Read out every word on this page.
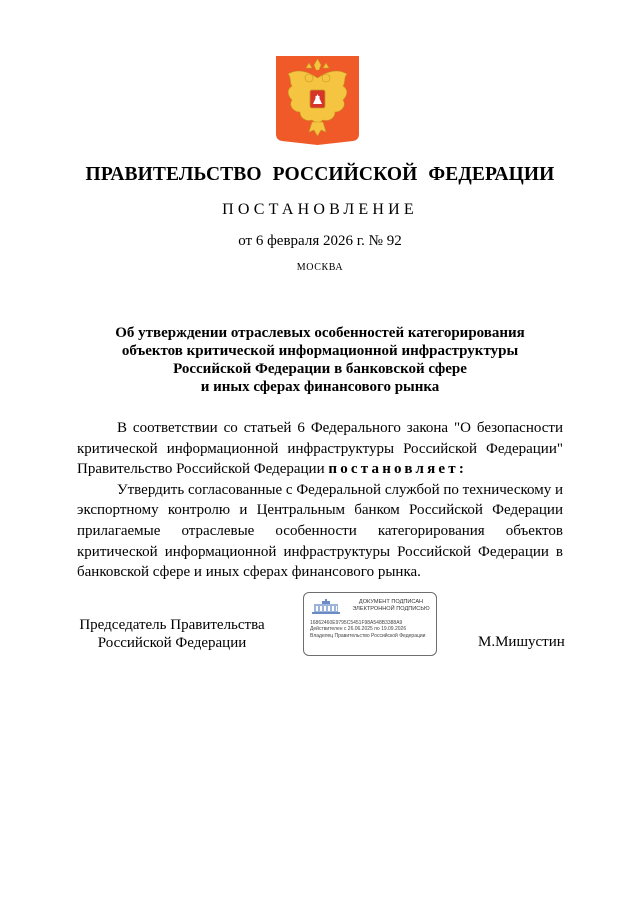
ПРАВИТЕЛЬСТВО РОССИЙСКОЙ ФЕДЕРАЦИИ
ПОСТАНОВЛЕНИЕ
от 6 февраля 2026 г. № 92
МОСКВА
Об утверждении отраслевых особенностей категорирования
объектов критической информационной инфраструктуры
Российской Федерации в банковской сфере
и иных сферах финансового рынка

В соответствии со статьей 6 Федерального закона "О безопасности критической информационной инфраструктуры Российской Федерации" Правительство Российской Федерации постановляет:

Утвердить согласованные с Федеральной службой по техническому и экспортному контролю и Центральным банком Российской Федерации прилагаемые отраслевые особенности категорирования объектов критической информационной инфраструктуры Российской Федерации в банковской сфере и иных сферах финансового рынка.

Председатель Правительства
Российской Федерации
ДОКУМЕНТ ПОДПИСАН
ЭЛЕКТРОННОЙ ПОДПИСЬЮ
16862460E9795C5451F98A548B3388A9
Действителен с 26.06.2025 по 19.09.2026
Владелец Правительство Российской Федерации	М.Мишустин
